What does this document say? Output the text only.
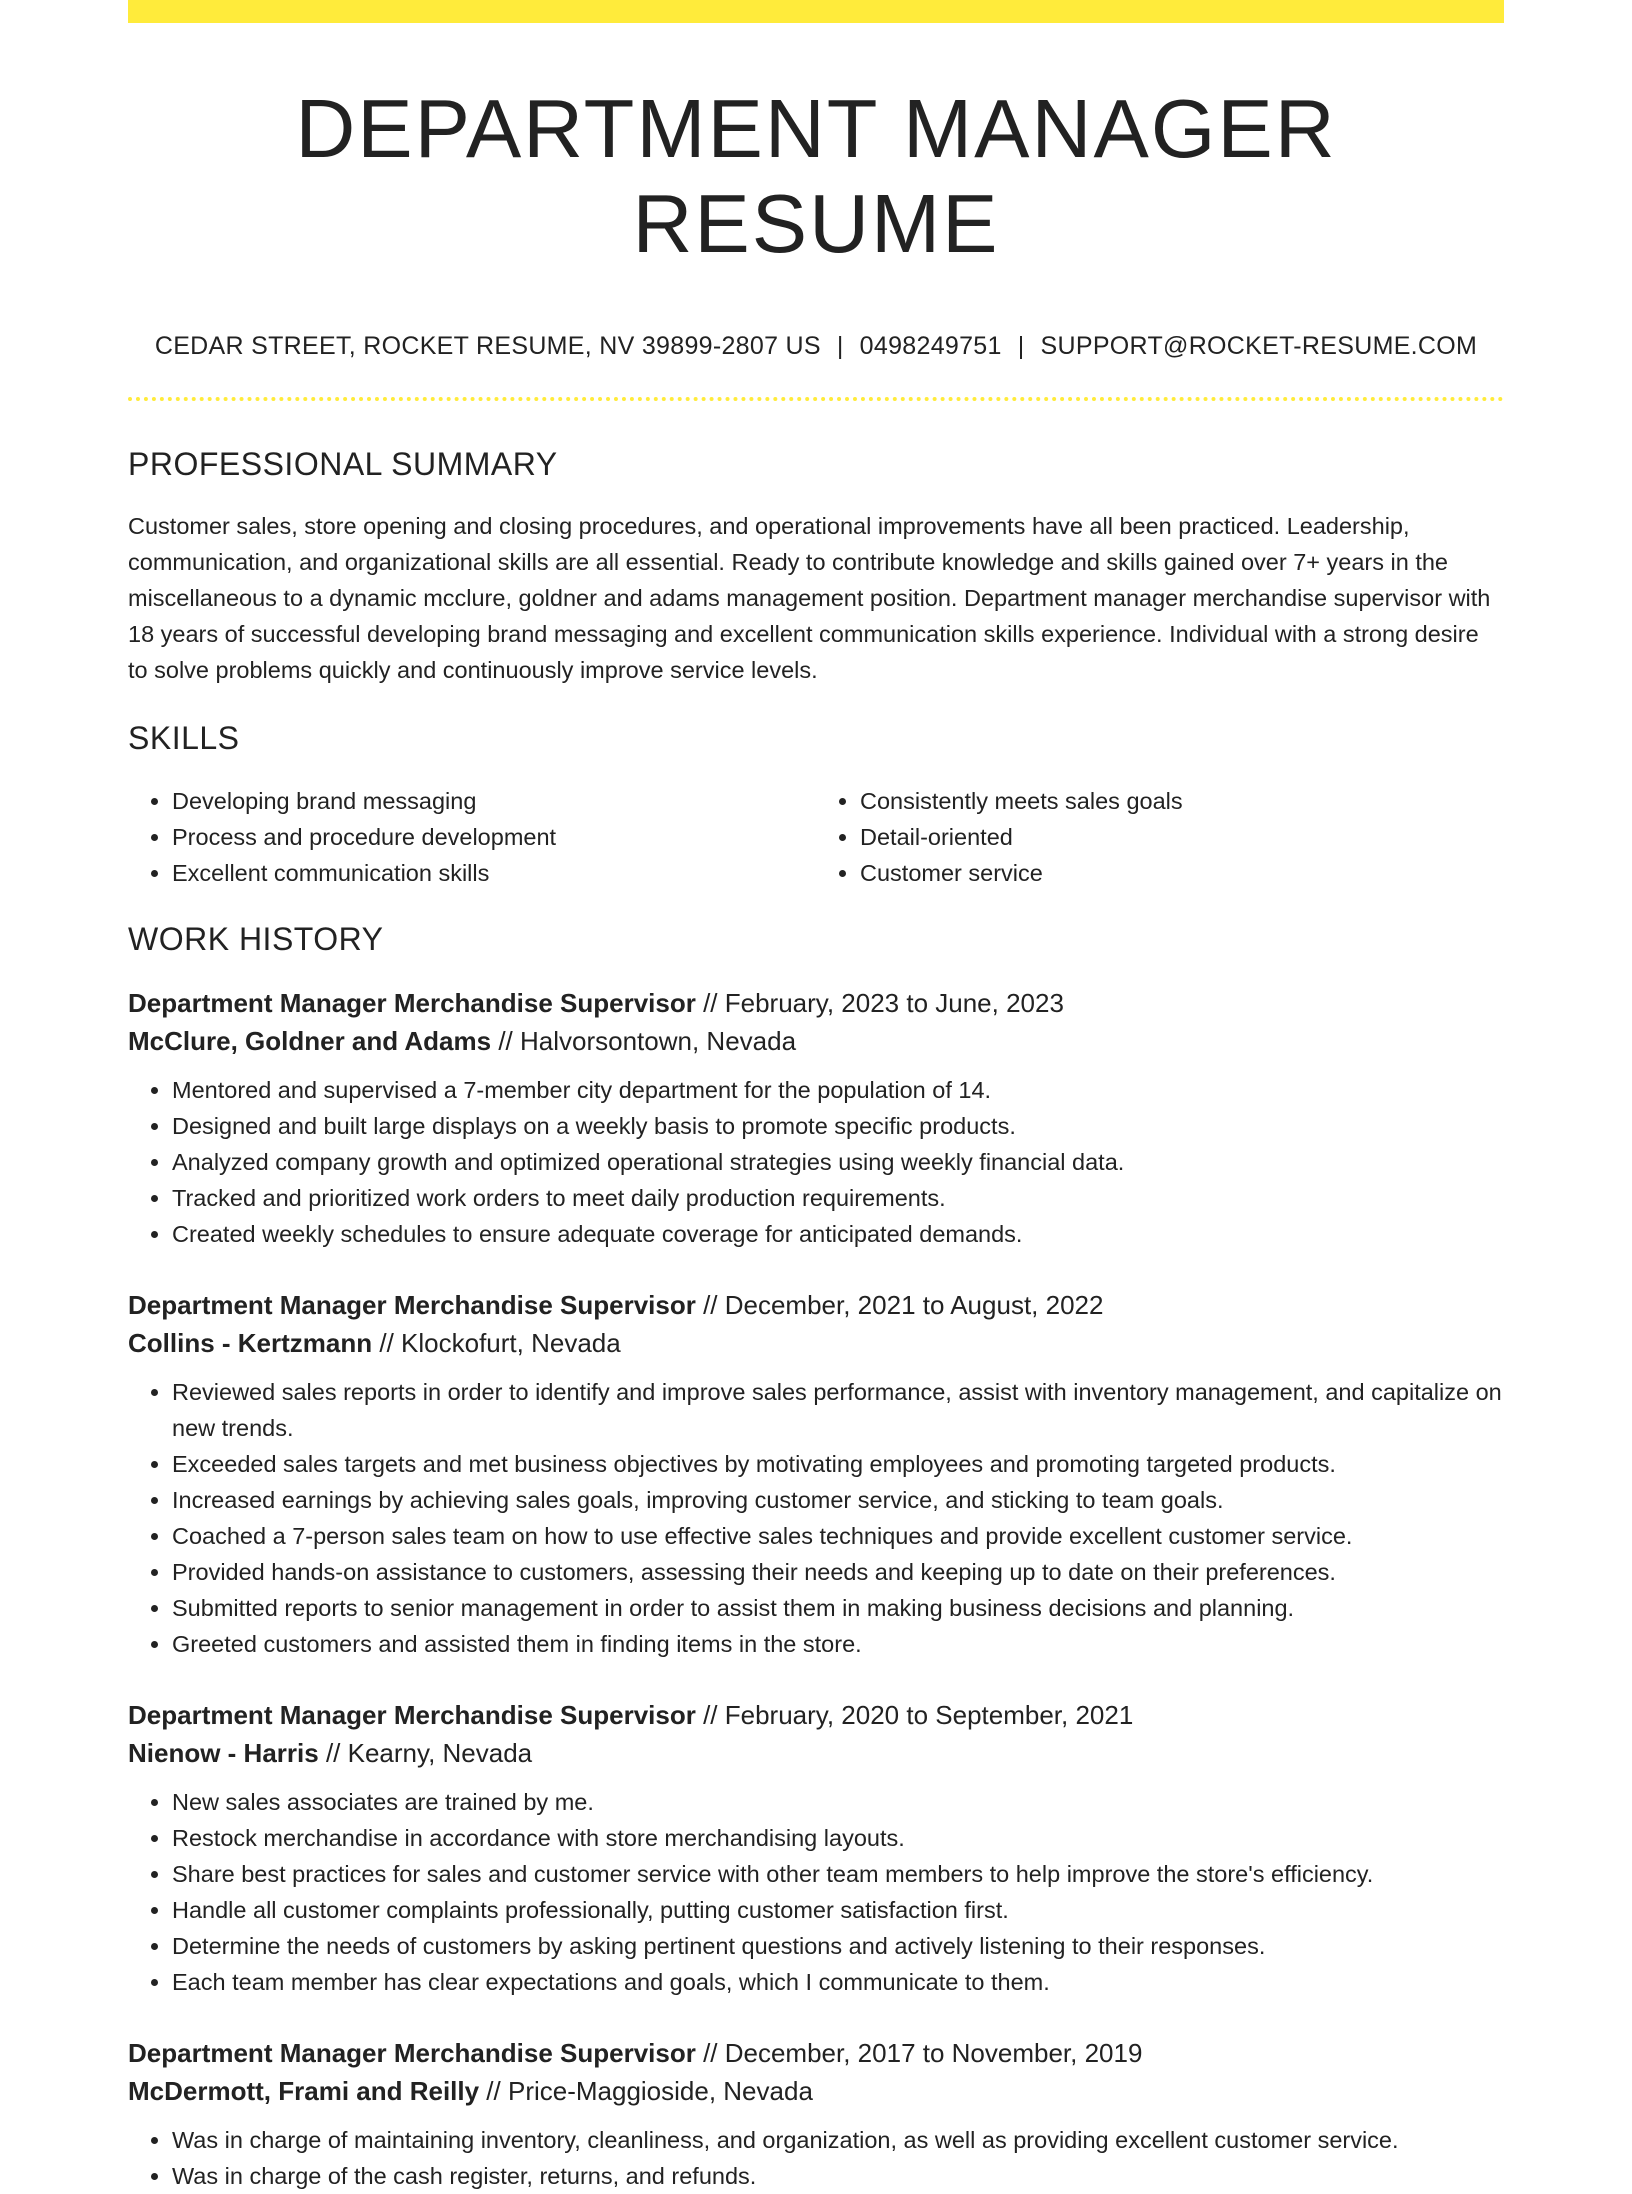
DEPARTMENT MANAGER RESUME
CEDAR STREET, ROCKET RESUME, NV 39899-2807 US | 0498249751 | SUPPORT@ROCKET-RESUME.COM
PROFESSIONAL SUMMARY

Customer sales, store opening and closing procedures, and operational improvements have all been practiced. Leadership, communication, and organizational skills are all essential. Ready to contribute knowledge and skills gained over 7+ years in the miscellaneous to a dynamic mcclure, goldner and adams management position. Department manager merchandise supervisor with 18 years of successful developing brand messaging and excellent communication skills experience. Individual with a strong desire to solve problems quickly and continuously improve service levels.

SKILLS
• Developing brand messaging
• Process and procedure development
• Excellent communication skills
• Consistently meets sales goals
• Detail-oriented
• Customer service
WORK HISTORY
Department Manager Merchandise Supervisor // February, 2023 to June, 2023
McClure, Goldner and Adams // Halvorsontown, Nevada
• Mentored and supervised a 7-member city department for the population of 14.
• Designed and built large displays on a weekly basis to promote specific products.
• Analyzed company growth and optimized operational strategies using weekly financial data.
• Tracked and prioritized work orders to meet daily production requirements.
• Created weekly schedules to ensure adequate coverage for anticipated demands.
Department Manager Merchandise Supervisor // December, 2021 to August, 2022
Collins - Kertzmann // Klockofurt, Nevada
• Reviewed sales reports in order to identify and improve sales performance, assist with inventory management, and capitalize on new trends.
• Exceeded sales targets and met business objectives by motivating employees and promoting targeted products.
• Increased earnings by achieving sales goals, improving customer service, and sticking to team goals.
• Coached a 7-person sales team on how to use effective sales techniques and provide excellent customer service.
• Provided hands-on assistance to customers, assessing their needs and keeping up to date on their preferences.
• Submitted reports to senior management in order to assist them in making business decisions and planning.
• Greeted customers and assisted them in finding items in the store.
Department Manager Merchandise Supervisor // February, 2020 to September, 2021
Nienow - Harris // Kearny, Nevada
• New sales associates are trained by me.
• Restock merchandise in accordance with store merchandising layouts.
• Share best practices for sales and customer service with other team members to help improve the store's efficiency.
• Handle all customer complaints professionally, putting customer satisfaction first.
• Determine the needs of customers by asking pertinent questions and actively listening to their responses.
• Each team member has clear expectations and goals, which I communicate to them.
Department Manager Merchandise Supervisor // December, 2017 to November, 2019
McDermott, Frami and Reilly // Price-Maggioside, Nevada
• Was in charge of maintaining inventory, cleanliness, and organization, as well as providing excellent customer service.
• Was in charge of the cash register, returns, and refunds.
